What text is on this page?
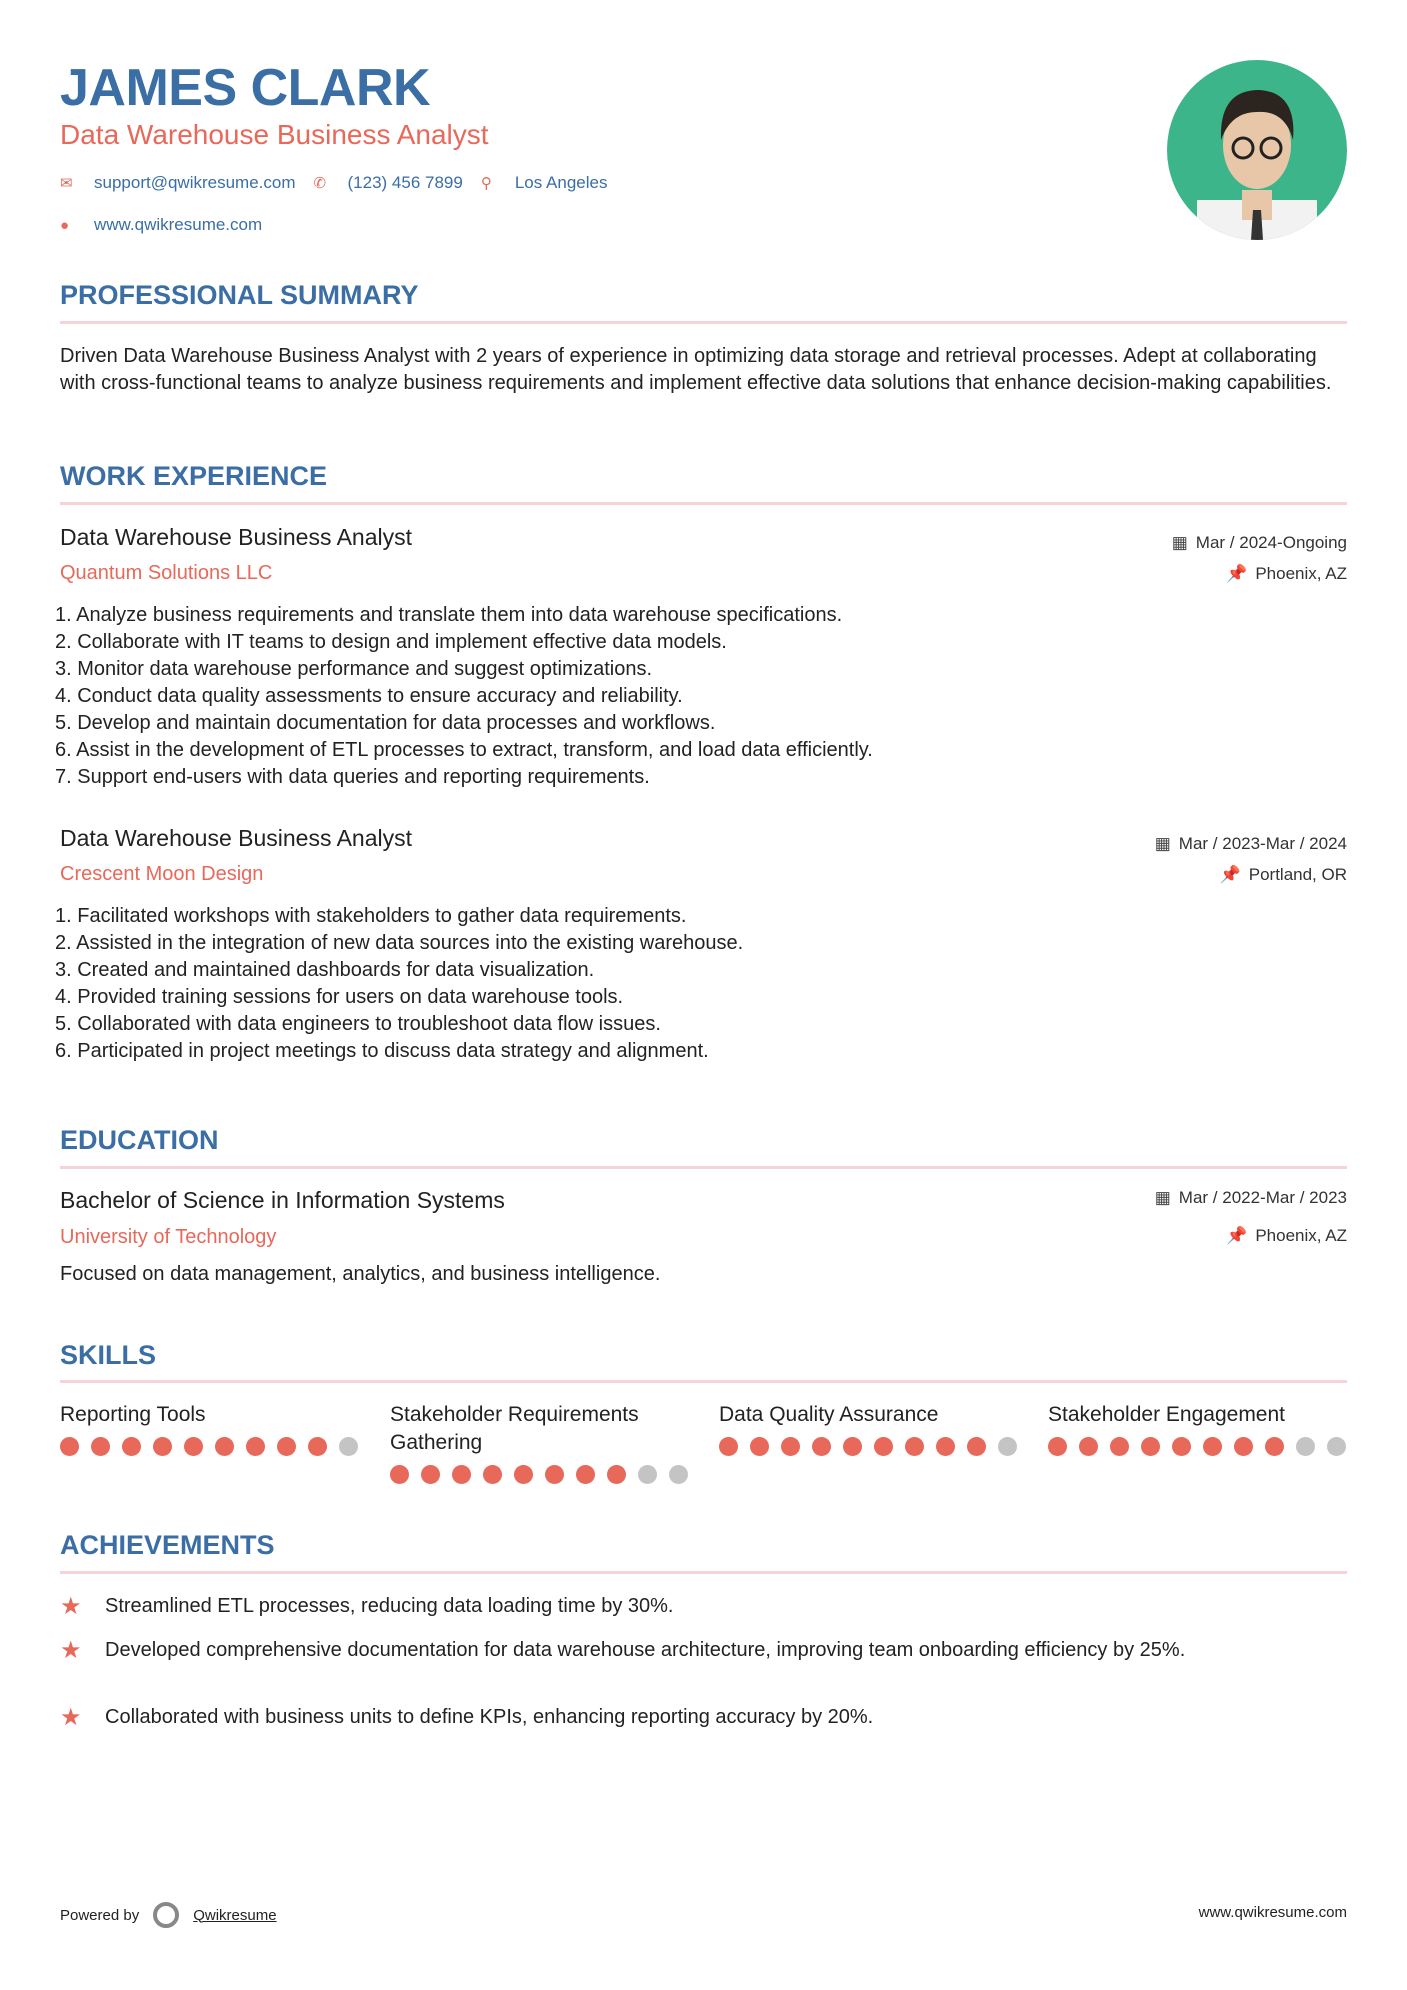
JAMES CLARK
Data Warehouse Business Analyst
✉	support@qwikresume.com ✆	(123) 456 7899 ⚲	Los Angeles
●	www.qwikresume.com
PROFESSIONAL SUMMARY
Driven Data Warehouse Business Analyst with 2 years of experience in optimizing data storage and retrieval processes. Adept at collaborating with cross-functional teams to analyze business requirements and implement effective data solutions that enhance decision-making capabilities.
WORK EXPERIENCE
Data Warehouse Business Analyst
Quantum Solutions LLC
▦ Mar / 2024-Ongoing
📌 Phoenix, AZ
1. Analyze business requirements and translate them into data warehouse specifications.
2. Collaborate with IT teams to design and implement effective data models.
3. Monitor data warehouse performance and suggest optimizations.
4. Conduct data quality assessments to ensure accuracy and reliability.
5. Develop and maintain documentation for data processes and workflows.
6. Assist in the development of ETL processes to extract, transform, and load data efficiently.
7. Support end-users with data queries and reporting requirements.
Data Warehouse Business Analyst
Crescent Moon Design
▦ Mar / 2023-Mar / 2024
📌 Portland, OR
1. Facilitated workshops with stakeholders to gather data requirements.
2. Assisted in the integration of new data sources into the existing warehouse.
3. Created and maintained dashboards for data visualization.
4. Provided training sessions for users on data warehouse tools.
5. Collaborated with data engineers to troubleshoot data flow issues.
6. Participated in project meetings to discuss data strategy and alignment.
EDUCATION
Bachelor of Science in Information Systems
University of Technology
▦ Mar / 2022-Mar / 2023
📌 Phoenix, AZ
Focused on data management, analytics, and business intelligence.
SKILLS
Reporting Tools	Stakeholder Requirements Gathering
Data Quality Assurance	Stakeholder Engagement
ACHIEVEMENTS
★	Streamlined ETL processes, reducing data loading time by 30%.
★	Developed comprehensive documentation for data warehouse architecture, improving team onboarding efficiency by 25%.
★	Collaborated with business units to define KPIs, enhancing reporting accuracy by 20%.
Powered by	Qwikresume	www.qwikresume.com
